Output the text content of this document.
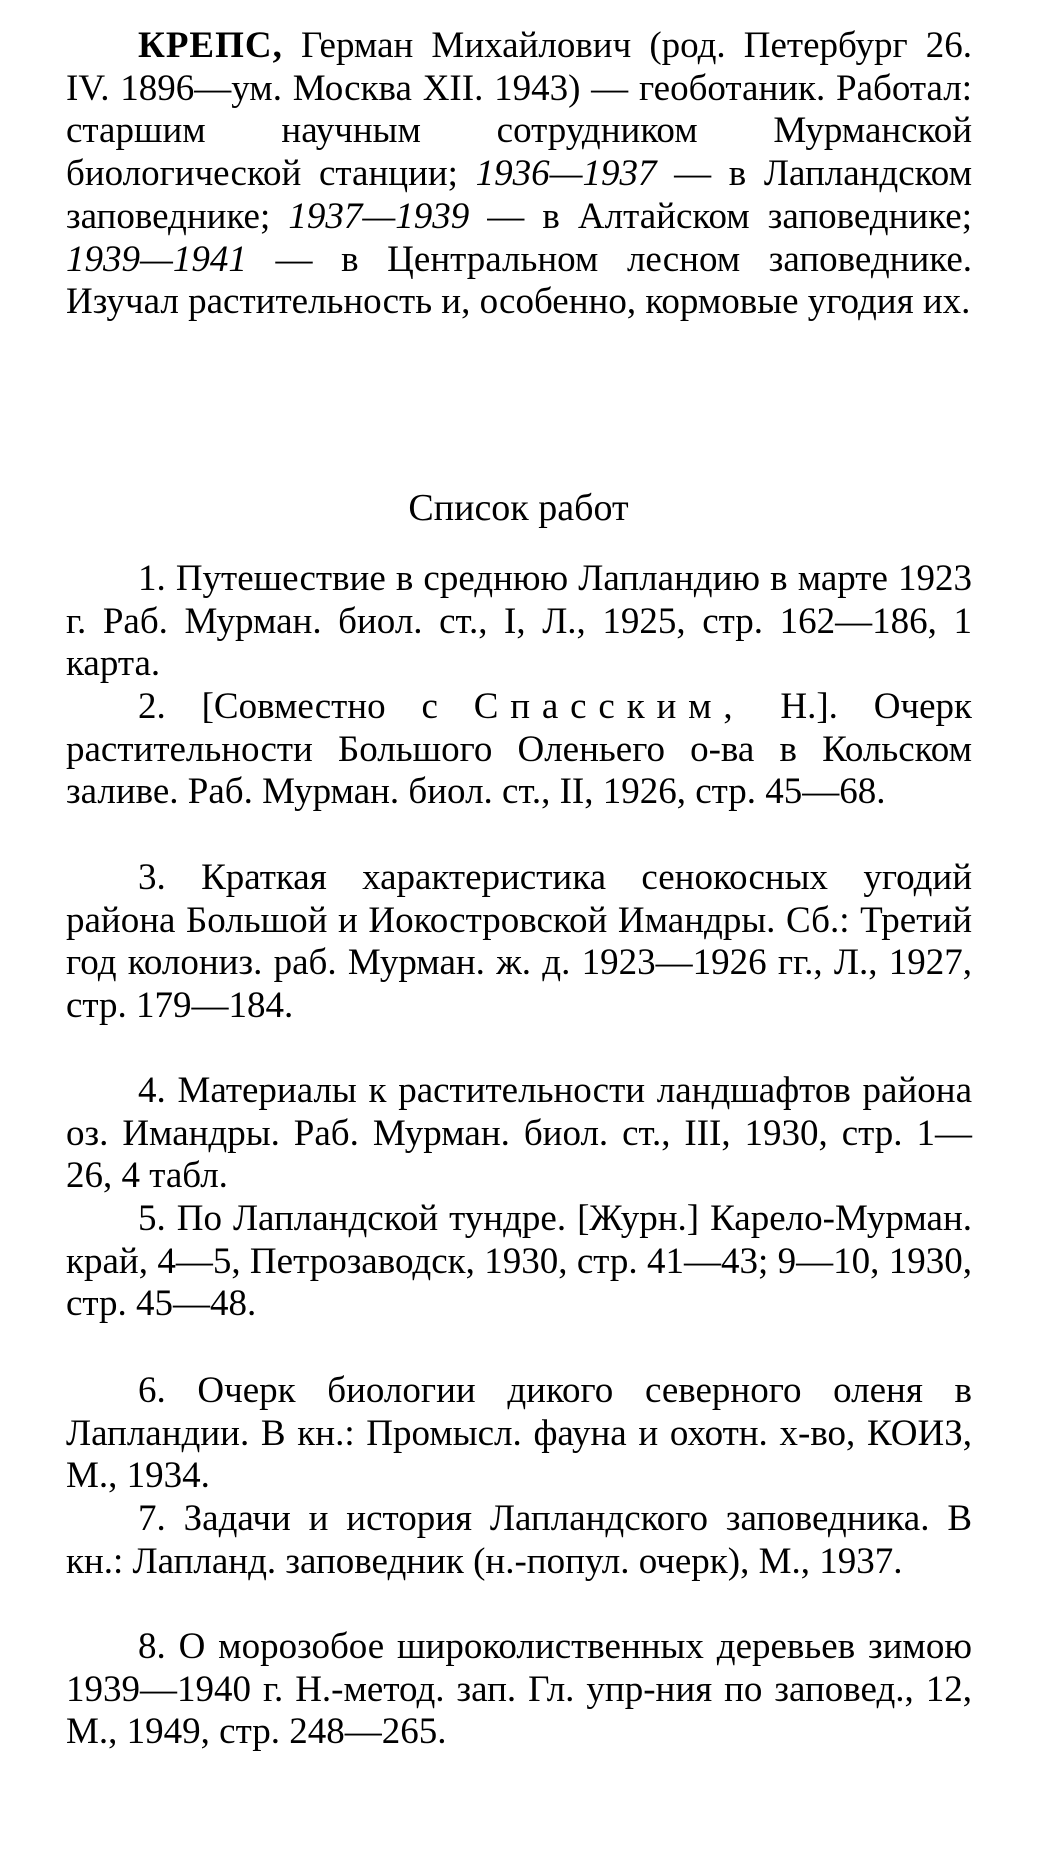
КРЕПС, Герман Михайлович (род. Петербург 26. IV. 1896—ум. Москва XII. 1943) — геоботаник. Работал: старшим научным сотрудником Мурманской биологической станции; 1936—1937 — в Лапландском заповеднике; 1937—1939 — в Алтайском заповеднике; 1939—1941 — в Центральном лесном заповеднике. Изучал растительность и, особенно, кормовые угодия их.

Список работ

1. Путешествие в среднюю Лапландию в марте 1923 г. Раб. Мурман. биол. ст., I, Л., 1925, стр. 162—186, 1 карта.

2. [Совместно с Спасским, Н.]. Очерк растительности Большого Оленьего о-ва в Кольском заливе. Раб. Мурман. биол. ст., II, 1926, стр. 45—68.

3. Краткая характеристика сенокосных угодий района Большой и Иокостровской Имандры. Сб.: Третий год колониз. раб. Мурман. ж. д. 1923—1926 гг., Л., 1927, стр. 179—184.

4. Материалы к растительности ландшафтов района оз. Имандры. Раб. Мурман. биол. ст., III, 1930, стр. 1—26, 4 табл.

5. По Лапландской тундре. [Журн.] Карело-Мурман. край, 4—5, Петрозаводск, 1930, стр. 41—43; 9—10, 1930, стр. 45—48.

6. Очерк биологии дикого северного оленя в Лапландии. В кн.: Промысл. фауна и охотн. х-во, КОИЗ, М., 1934.

7. Задачи и история Лапландского заповедника. В кн.: Лапланд. заповедник (н.-попул. очерк), М., 1937.

8. О морозобое широколиственных деревьев зимою 1939—1940 г. Н.-метод. зап. Гл. упр-ния по заповед., 12, М., 1949, стр. 248—265.
